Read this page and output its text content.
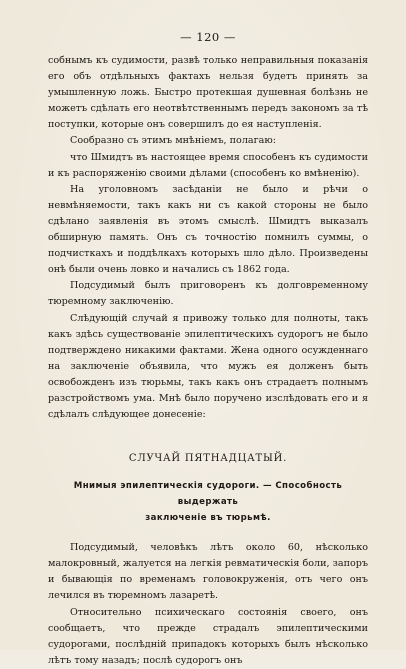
— 120 —

собнымъ къ судимости, развѣ только неправильныя показанія его объ отдѣльныхъ фактахъ нельзя будетъ принять за умышленную ложь. Быстро протекшая душевная болѣзнь не можетъ сдѣлать его неотвѣтственнымъ передъ закономъ за тѣ поступки, которые онъ совершилъ до ея наступленія.

Сообразно съ этимъ мнѣніемъ, полагаю:

что Шмидтъ въ настоящее время способенъ къ судимости и къ распоряженію своими дѣлами (способенъ ко вмѣненію).

На уголовномъ засѣданіи не было и рѣчи о невмѣняемости, такъ какъ ни съ какой стороны не было сдѣлано заявленія въ этомъ смыслѣ. Шмидтъ выказалъ обширную память. Онъ съ точностію помнилъ суммы, о подчисткахъ и поддѣлкахъ которыхъ шло дѣло. Произведены онѣ были очень ловко и начались съ 1862 года.

Подсудимый былъ приговоренъ къ долговременному тюремному заключенію.

Слѣдующій случай я привожу только для полноты, такъ какъ здѣсь существованіе эпилептическихъ судорогъ не было подтверждено никакими фактами. Жена одного осужденнаго на заключеніе объявила, что мужъ ея долженъ быть освобожденъ изъ тюрьмы, такъ какъ онъ страдаетъ полнымъ разстройствомъ ума. Мнѣ было поручено изслѣдовать его и я сдѣлалъ слѣдующее донесеніе:

СЛУЧАЙ ПЯТНАДЦАТЫЙ.

Мнимыя эпилептическія судороги. — Способность выдержать
заключеніе въ тюрьмѣ.

Подсудимый, человѣкъ лѣтъ около 60, нѣсколько малокровный, жалуется на легкія ревматическія боли, запоръ и бывающія по временамъ головокруженія, отъ чего онъ лечился въ тюремномъ лазаретѣ.

Относительно психическаго состоянія своего, онъ сообщаетъ, что прежде страдалъ эпилептическими судорогами, послѣдній припадокъ которыхъ былъ нѣсколько лѣтъ тому назадъ; послѣ судорогъ онъ
